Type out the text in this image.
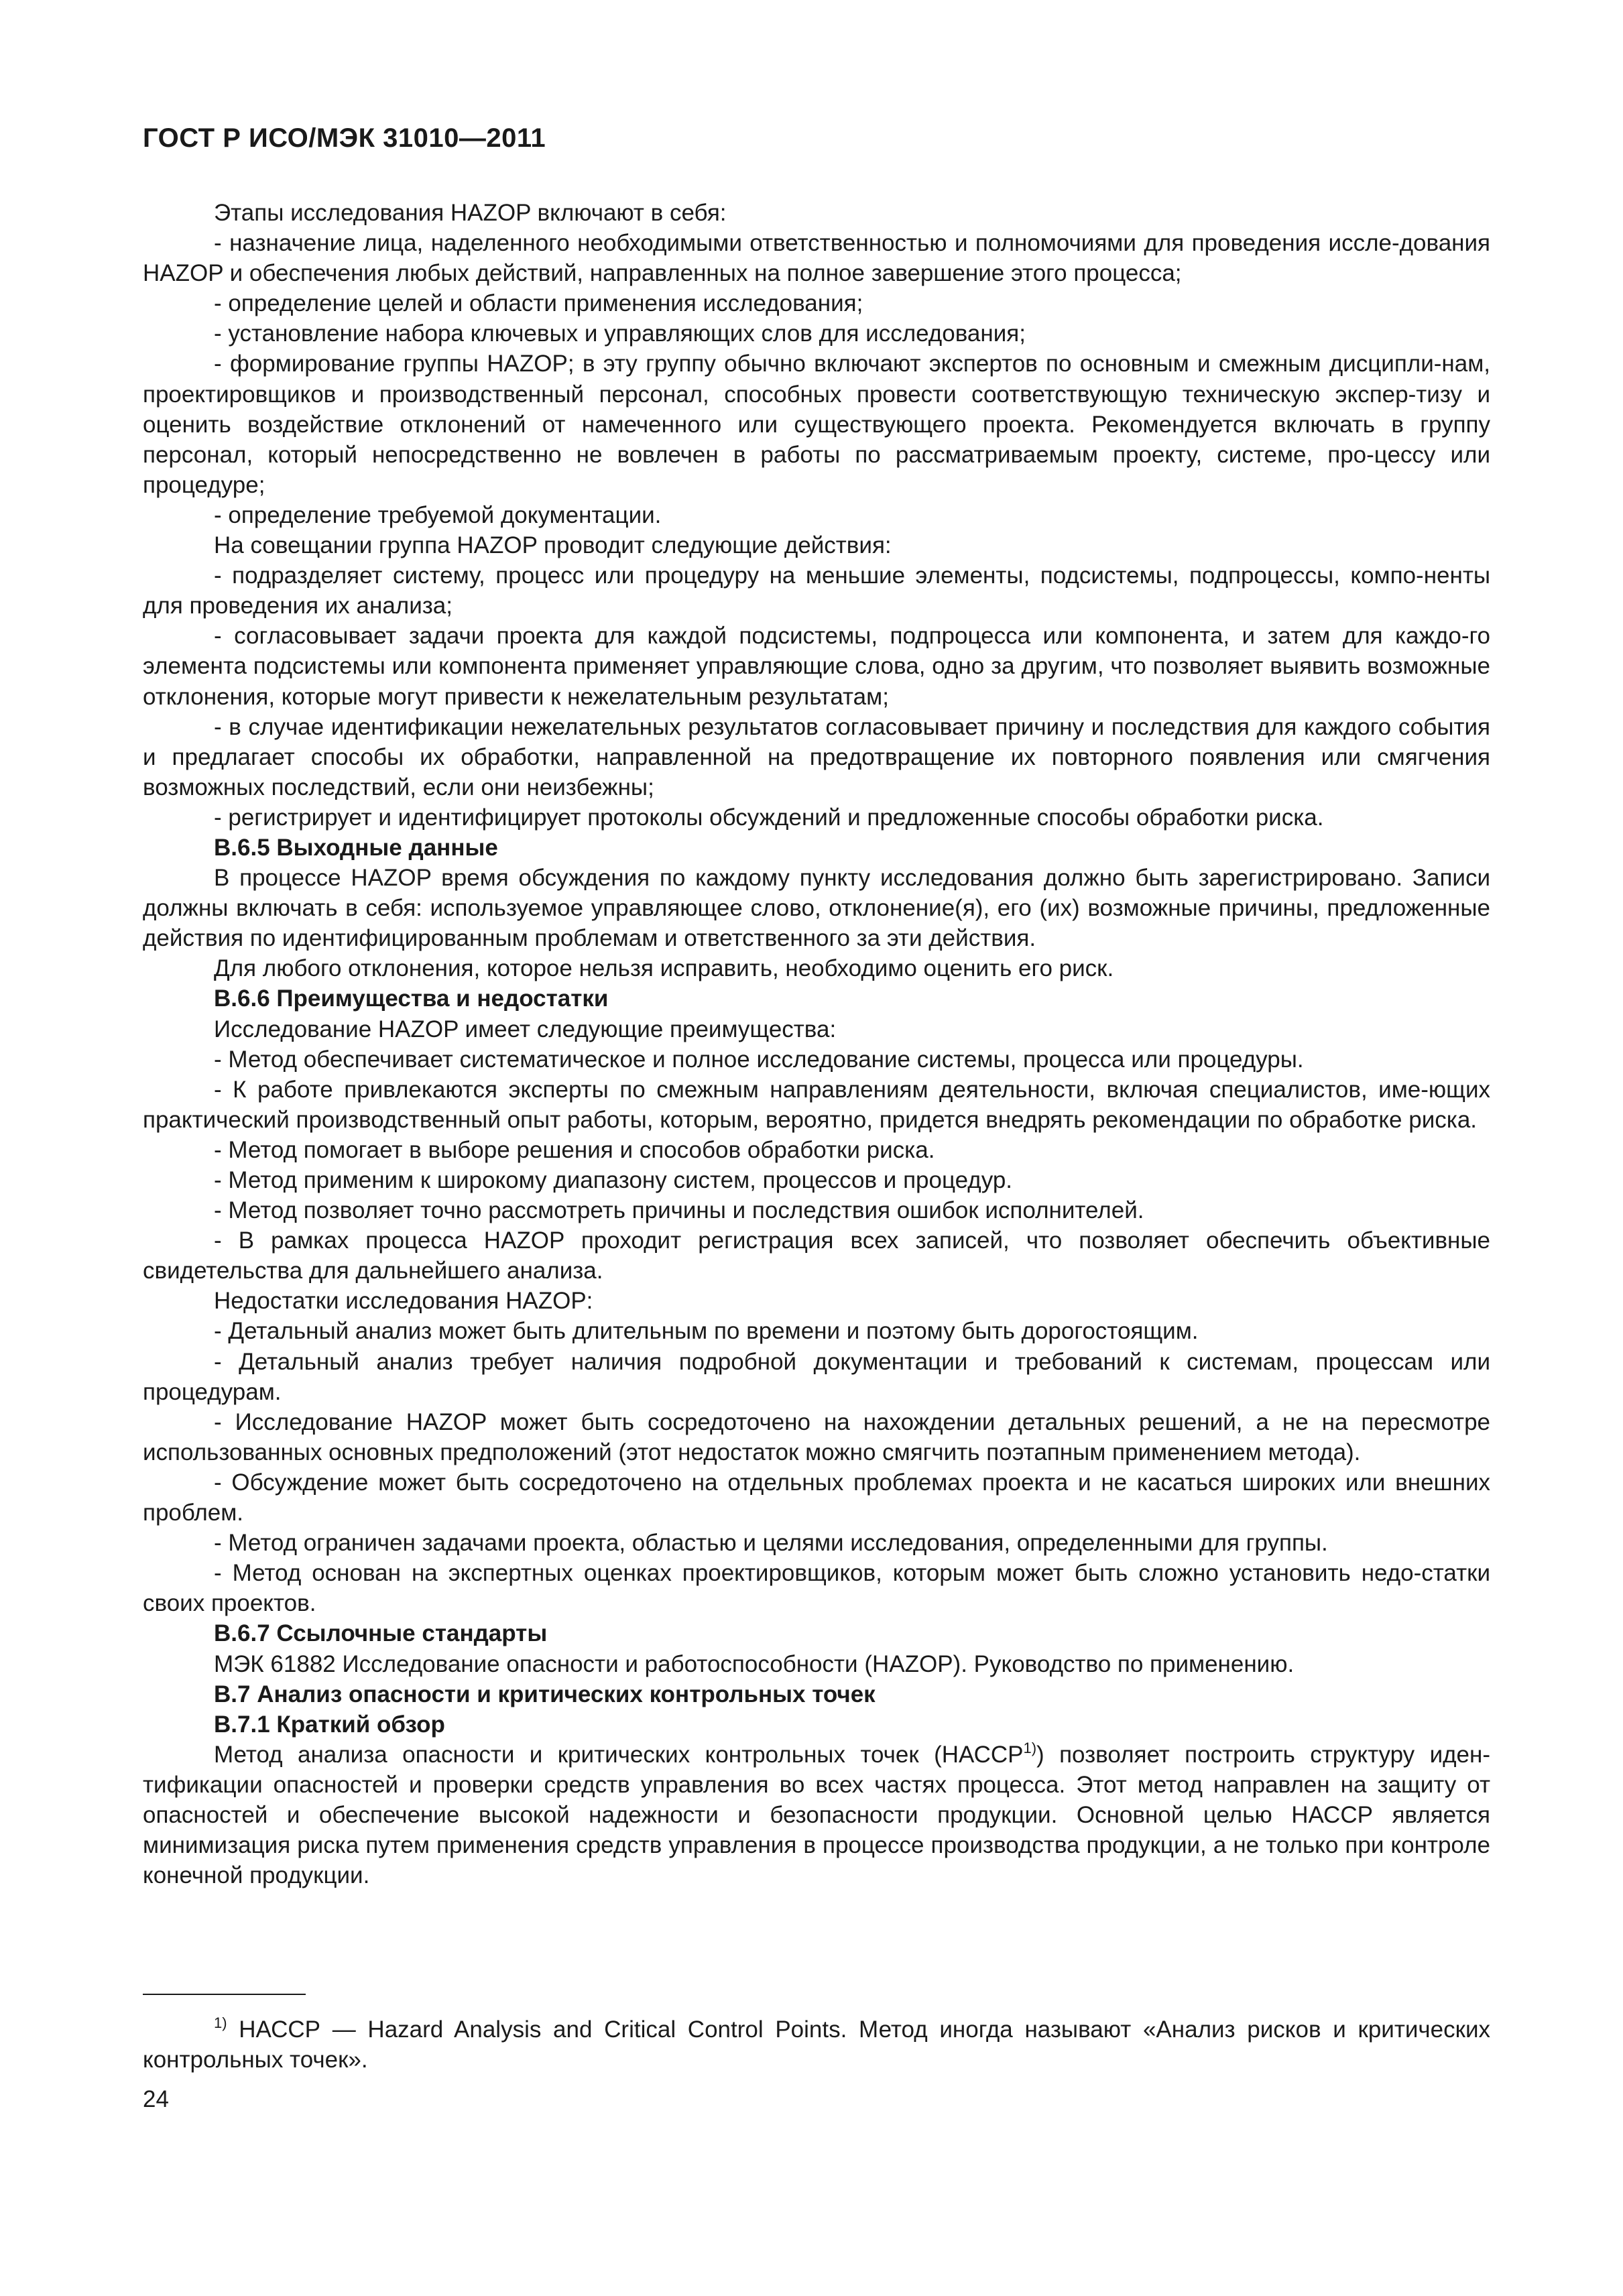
ГОСТ Р ИСО/МЭК 31010—2011

Этапы исследования HAZOP включают в себя:

- назначение лица, наделенного необходимыми ответственностью и полномочиями для проведения иссле-дования HAZOP и обеспечения любых действий, направленных на полное завершение этого процесса;

- определение целей и области применения исследования;

- установление набора ключевых и управляющих слов для исследования;

- формирование группы HAZOP; в эту группу обычно включают экспертов по основным и смежным дисципли-нам, проектировщиков и производственный персонал, способных провести соответствующую техническую экспер-тизу и оценить воздействие отклонений от намеченного или существующего проекта. Рекомендуется включать в группу персонал, который непосредственно не вовлечен в работы по рассматриваемым проекту, системе, про-цессу или процедуре;

- определение требуемой документации.

На совещании группа HAZOP проводит следующие действия:

- подразделяет систему, процесс или процедуру на меньшие элементы, подсистемы, подпроцессы, компо-ненты для проведения их анализа;

- согласовывает задачи проекта для каждой подсистемы, подпроцесса или компонента, и затем для каждо-го элемента подсистемы или компонента применяет управляющие слова, одно за другим, что позволяет выявить возможные отклонения, которые могут привести к нежелательным результатам;

- в случае идентификации нежелательных результатов согласовывает причину и последствия для каждого события и предлагает способы их обработки, направленной на предотвращение их повторного появления или смягчения возможных последствий, если они неизбежны;

- регистрирует и идентифицирует протоколы обсуждений и предложенные способы обработки риска.

В.6.5 Выходные данные

В процессе HAZOP время обсуждения по каждому пункту исследования должно быть зарегистрировано. Записи должны включать в себя: используемое управляющее слово, отклонение(я), его (их) возможные причины, предложенные действия по идентифицированным проблемам и ответственного за эти действия.

Для любого отклонения, которое нельзя исправить, необходимо оценить его риск.

В.6.6 Преимущества и недостатки

Исследование HAZOP имеет следующие преимущества:

- Метод обеспечивает систематическое и полное исследование системы, процесса или процедуры.

- К работе привлекаются эксперты по смежным направлениям деятельности, включая специалистов, име-ющих практический производственный опыт работы, которым, вероятно, придется внедрять рекомендации по обработке риска.

- Метод помогает в выборе решения и способов обработки риска.

- Метод применим к широкому диапазону систем, процессов и процедур.

- Метод позволяет точно рассмотреть причины и последствия ошибок исполнителей.

- В рамках процесса HAZOP проходит регистрация всех записей, что позволяет обеспечить объективные свидетельства для дальнейшего анализа.

Недостатки исследования HAZOP:

- Детальный анализ может быть длительным по времени и поэтому быть дорогостоящим.

- Детальный анализ требует наличия подробной документации и требований к системам, процессам или процедурам.

- Исследование HAZOP может быть сосредоточено на нахождении детальных решений, а не на пересмотре использованных основных предположений (этот недостаток можно смягчить поэтапным применением метода).

- Обсуждение может быть сосредоточено на отдельных проблемах проекта и не касаться широких или внешних проблем.

- Метод ограничен задачами проекта, областью и целями исследования, определенными для группы.

- Метод основан на экспертных оценках проектировщиков, которым может быть сложно установить недо-статки своих проектов.

В.6.7 Ссылочные стандарты

МЭК 61882 Исследование опасности и работоспособности (HAZOP). Руководство по применению.

В.7 Анализ опасности и критических контрольных точек

В.7.1 Краткий обзор

Метод анализа опасности и критических контрольных точек (НАССР$^{1)}$) позволяет построить структуру иден-тификации опасностей и проверки средств управления во всех частях процесса. Этот метод направлен на защиту от опасностей и обеспечение высокой надежности и безопасности продукции. Основной целью НАССР является минимизация риска путем применения средств управления в процессе производства продукции, а не только при контроле конечной продукции.

$^{1)}$ НАССР — Hazard Analysis and Critical Control Points. Метод иногда называют «Анализ рисков и критических контрольных точек».

24
